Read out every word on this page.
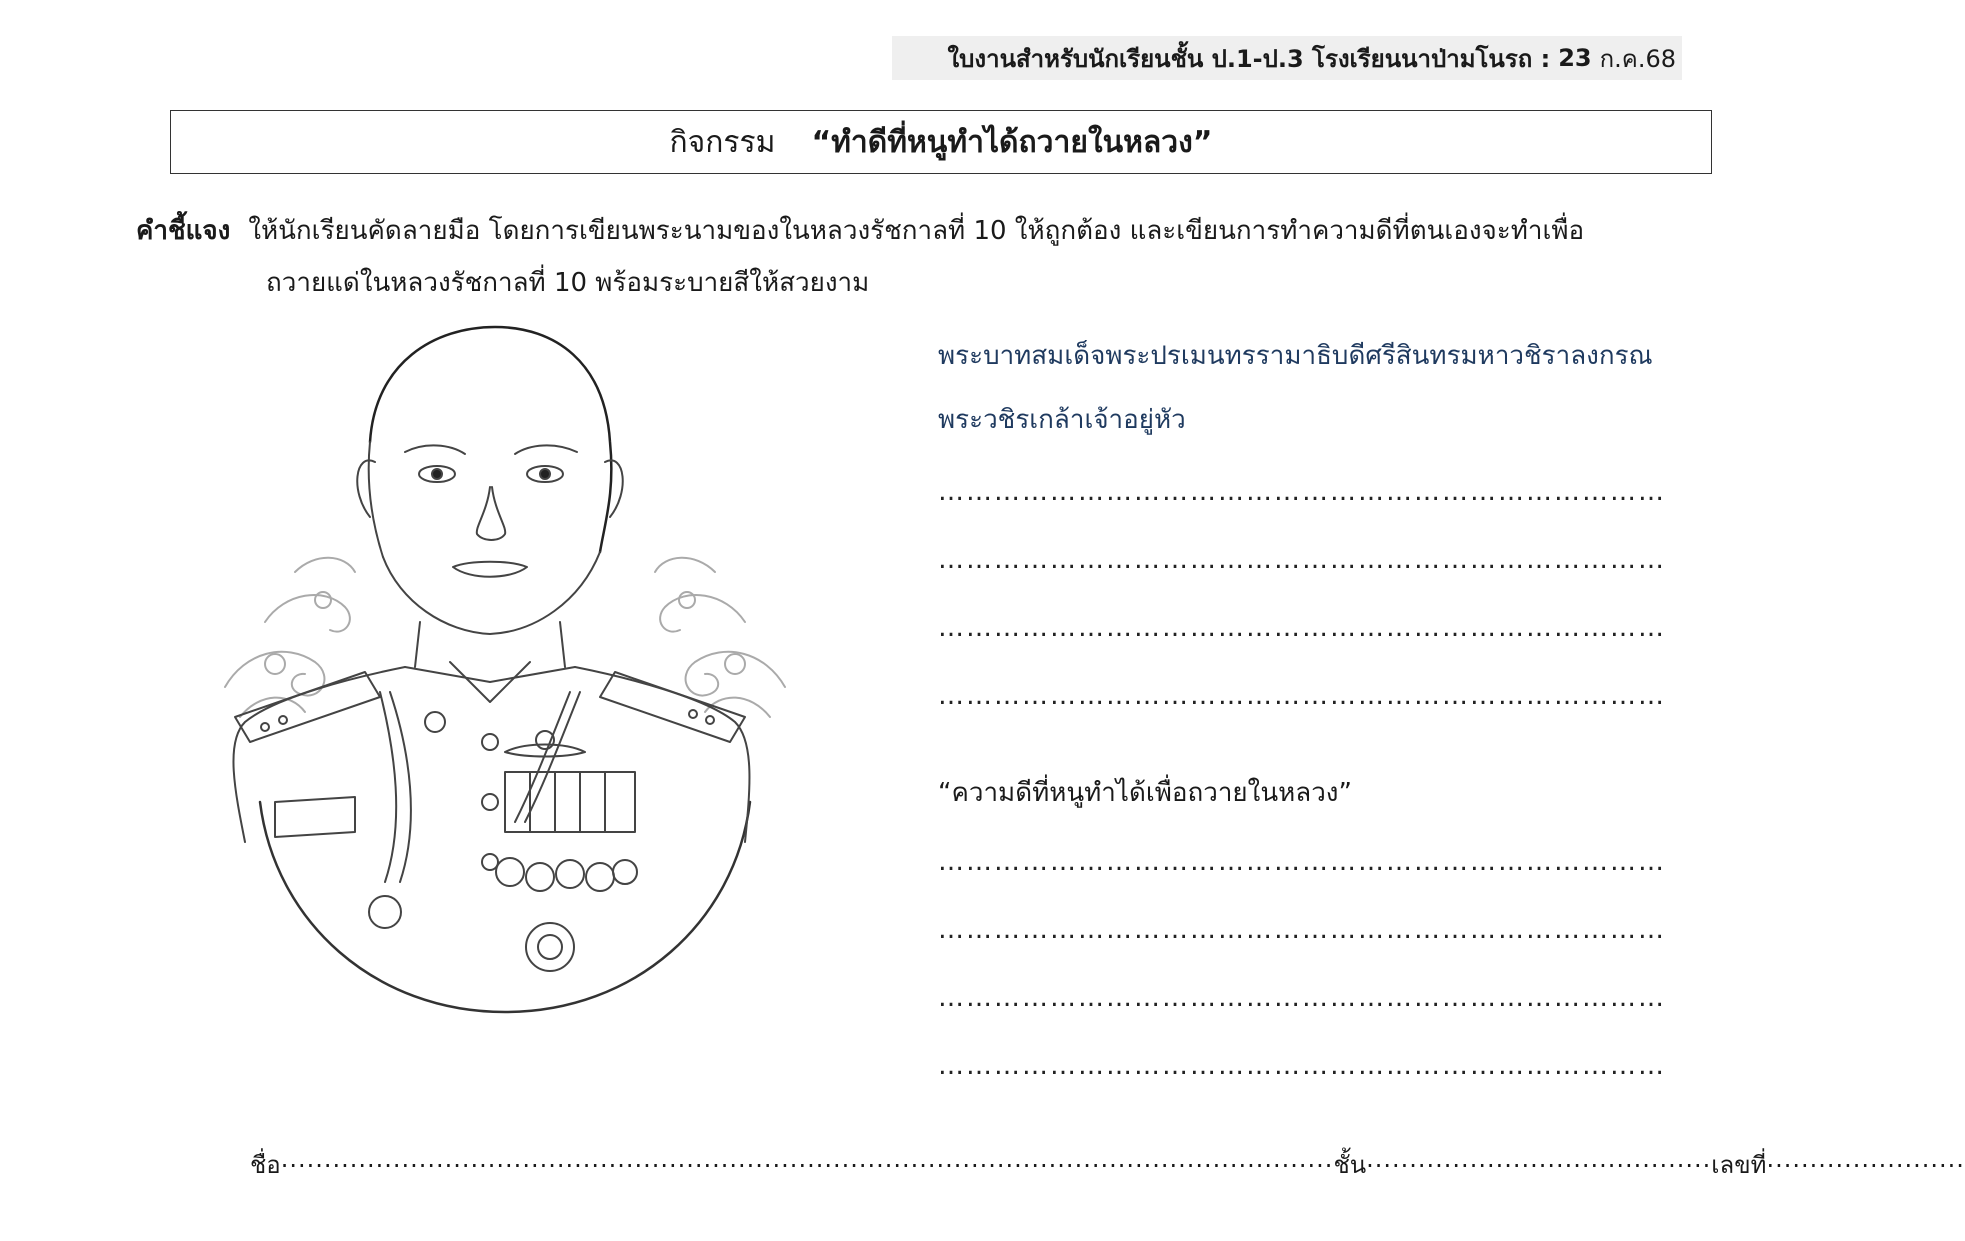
ใบงานสำหรับนักเรียนชั้น ป.1-ป.3 โรงเรียนนาป่ามโนรถ : 23 ก.ค.68
กิจกรรม “ทำดีที่หนูทำได้ถวายในหลวง”
คำชี้แจง ให้นักเรียนคัดลายมือ โดยการเขียนพระนามของในหลวงรัชกาลที่ 10 ให้ถูกต้อง และเขียนการทำความดีที่ตนเองจะทำเพื่อ
ถวายแด่ในหลวงรัชกาลที่ 10 พร้อมระบายสีให้สวยงาม
พระบาทสมเด็จพระปรเมนทรรามาธิบดีศรีสินทรมหาวชิราลงกรณ
พระวชิรเกล้าเจ้าอยู่หัว
……………………………………………………………………
……………………………………………………………………
……………………………………………………………………
……………………………………………………………………
“ความดีที่หนูทำได้เพื่อถวายในหลวง”
……………………………………………………………………
……………………………………………………………………
……………………………………………………………………
……………………………………………………………………
ชื่อ .......................................................................................................................... ชั้น ........................................ เลขที่ .......................
